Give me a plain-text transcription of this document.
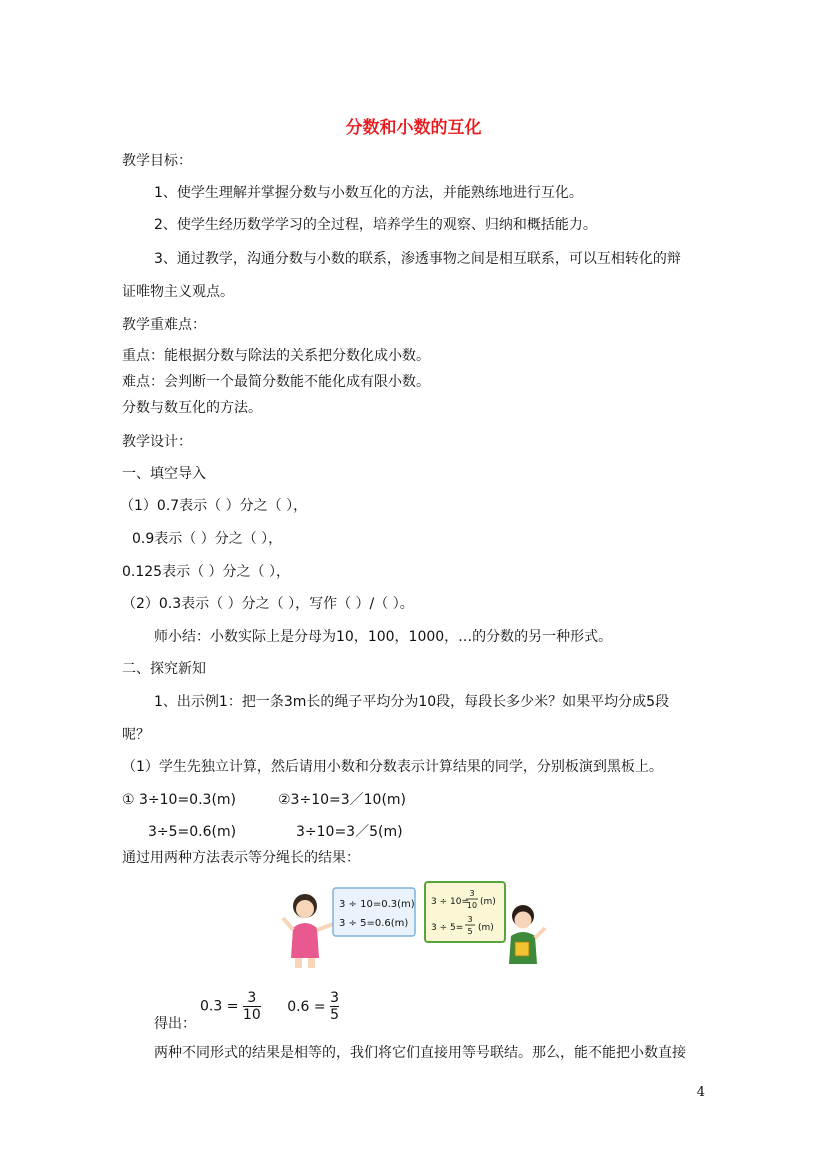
分数和小数的互化
教学目标：
1、使学生理解并掌握分数与小数互化的方法，并能熟练地进行互化。
2、使学生经历数学学习的全过程，培养学生的观察、归纳和概括能力。
3、通过教学，沟通分数与小数的联系，渗透事物之间是相互联系，可以互相转化的辩
证唯物主义观点。
教学重难点：
重点：能根据分数与除法的关系把分数化成小数。
难点：会判断一个最简分数能不能化成有限小数。
分数与数互化的方法。
教学设计：
一、填空导入
（1）0.7表示（ ）分之（ ），
0.9表示（ ）分之（ ），
0.125表示（ ）分之（ ），
（2）0.3表示（ ）分之（ ），写作（ ）/（ ）。
师小结：小数实际上是分母为10，100，1000，…的分数的另一种形式。
二、探究新知
1、出示例1：把一条3m长的绳子平均分为10段，每段长多少米？如果平均分成5段
呢？
（1）学生先独立计算，然后请用小数和分数表示计算结果的同学，分别板演到黑板上。
① 3÷10=0.3(m)	②3÷10=3／10(m)
3÷5=0.6(m)	3÷10=3／5(m)
通过用两种方法表示等分绳长的结果：
3 ÷ 10=0.3(m)
3 ÷ 5=0.6(m)
3 ÷ 10=
3
10 (m)
3 ÷ 5=
3
5 (m)
$0.3 = \frac{3}{10} 0.6 = \frac{3}{5}$
得出：
两种不同形式的结果是相等的，我们将它们直接用等号联结。那么，能不能把小数直接
4
